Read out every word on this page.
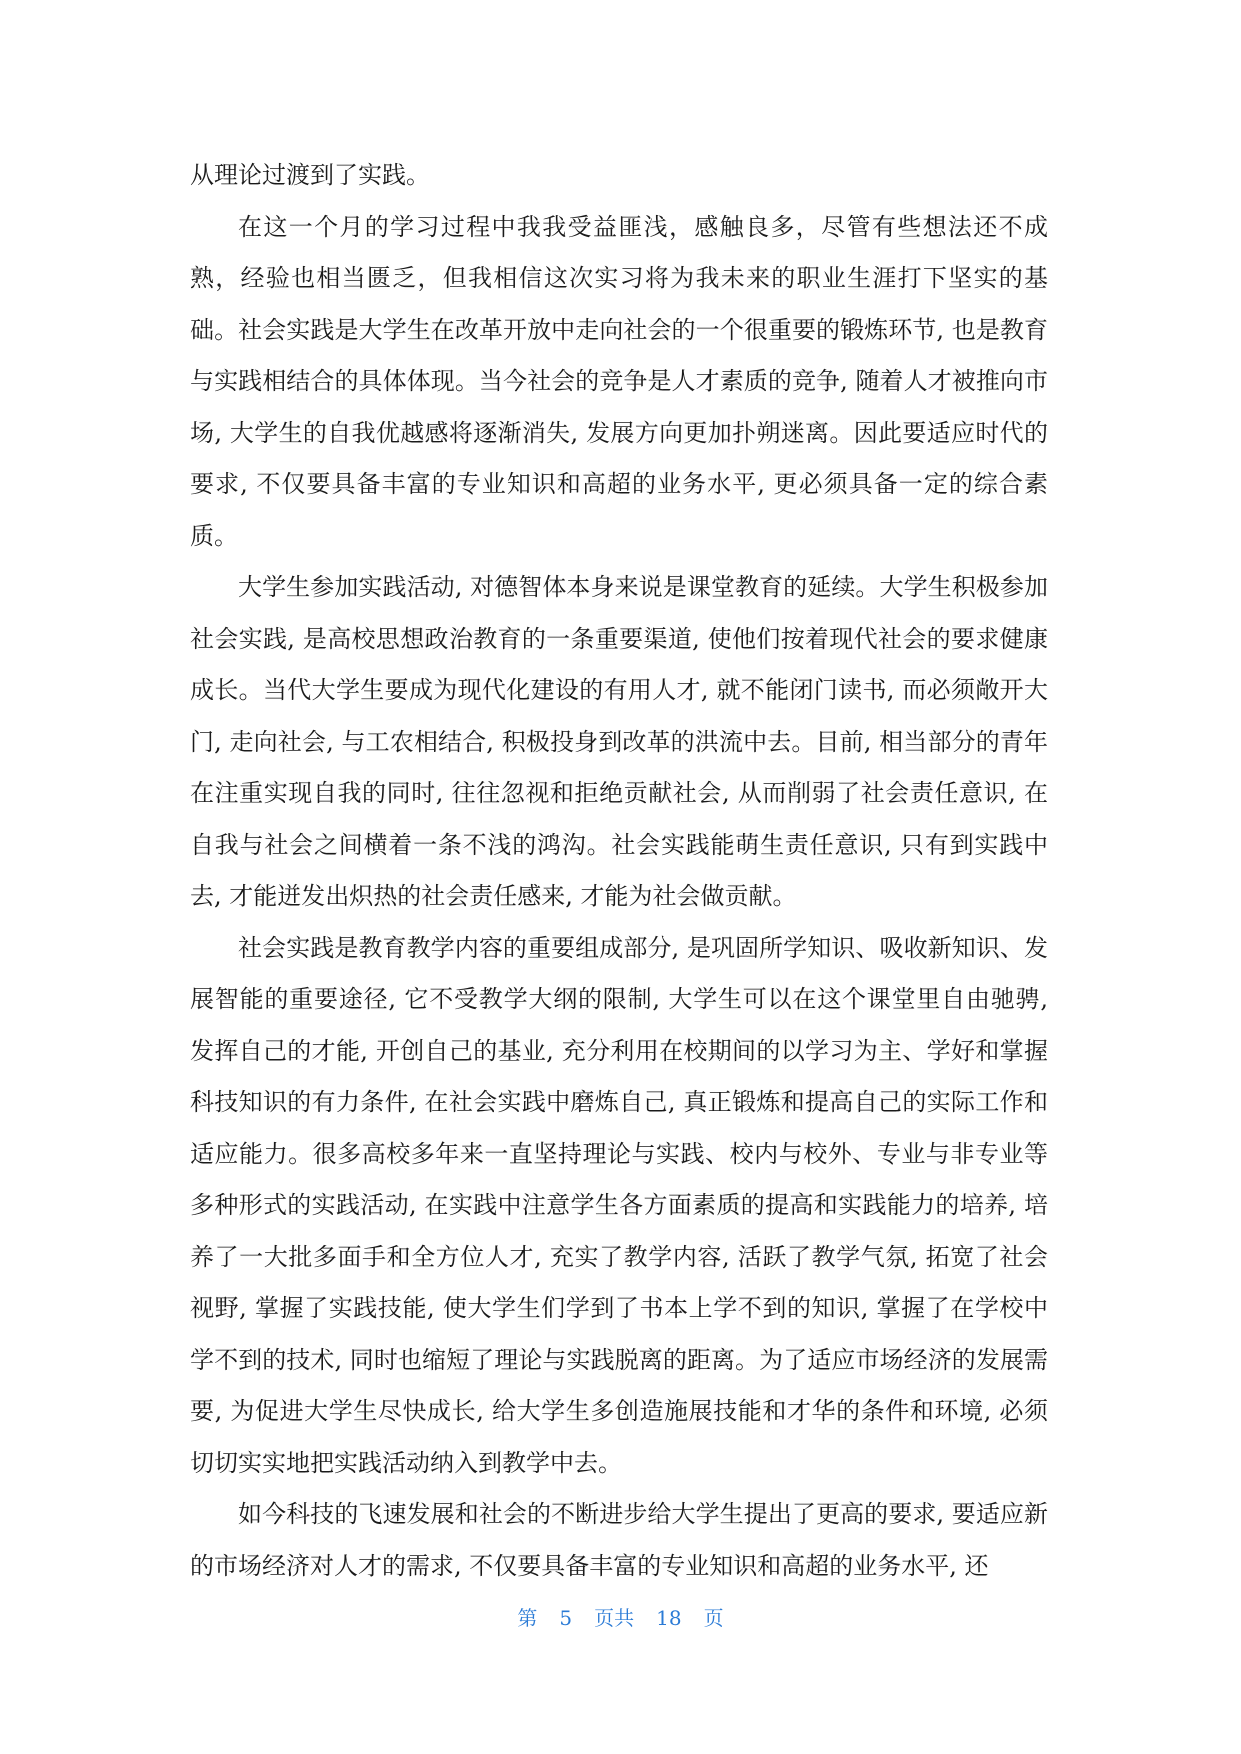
从理论过渡到了实践。

在这一个月的学习过程中我我受益匪浅，感触良多，尽管有些想法还不成熟，经验也相当匮乏，但我相信这次实习将为我未来的职业生涯打下坚实的基础。社会实践是大学生在改革开放中走向社会的一个很重要的锻炼环节, 也是教育与实践相结合的具体体现。当今社会的竞争是人才素质的竞争, 随着人才被推向市场, 大学生的自我优越感将逐渐消失, 发展方向更加扑朔迷离。因此要适应时代的要求, 不仅要具备丰富的专业知识和高超的业务水平, 更必须具备一定的综合素质。

大学生参加实践活动, 对德智体本身来说是课堂教育的延续。大学生积极参加社会实践, 是高校思想政治教育的一条重要渠道, 使他们按着现代社会的要求健康成长。当代大学生要成为现代化建设的有用人才, 就不能闭门读书, 而必须敞开大门, 走向社会, 与工农相结合, 积极投身到改革的洪流中去。目前, 相当部分的青年在注重实现自我的同时, 往往忽视和拒绝贡献社会, 从而削弱了社会责任意识, 在自我与社会之间横着一条不浅的鸿沟。社会实践能萌生责任意识, 只有到实践中去, 才能迸发出炽热的社会责任感来, 才能为社会做贡献。

社会实践是教育教学内容的重要组成部分, 是巩固所学知识、吸收新知识、发展智能的重要途径, 它不受教学大纲的限制, 大学生可以在这个课堂里自由驰骋, 发挥自己的才能, 开创自己的基业, 充分利用在校期间的以学习为主、学好和掌握科技知识的有力条件, 在社会实践中磨炼自己, 真正锻炼和提高自己的实际工作和适应能力。很多高校多年来一直坚持理论与实践、校内与校外、专业与非专业等多种形式的实践活动, 在实践中注意学生各方面素质的提高和实践能力的培养, 培养了一大批多面手和全方位人才, 充实了教学内容, 活跃了教学气氛, 拓宽了社会视野, 掌握了实践技能, 使大学生们学到了书本上学不到的知识, 掌握了在学校中学不到的技术, 同时也缩短了理论与实践脱离的距离。为了适应市场经济的发展需要, 为促进大学生尽快成长, 给大学生多创造施展技能和才华的条件和环境, 必须切切实实地把实践活动纳入到教学中去。

如今科技的飞速发展和社会的不断进步给大学生提出了更高的要求, 要适应新的市场经济对人才的需求, 不仅要具备丰富的专业知识和高超的业务水平, 还

第 5 页共 18 页
